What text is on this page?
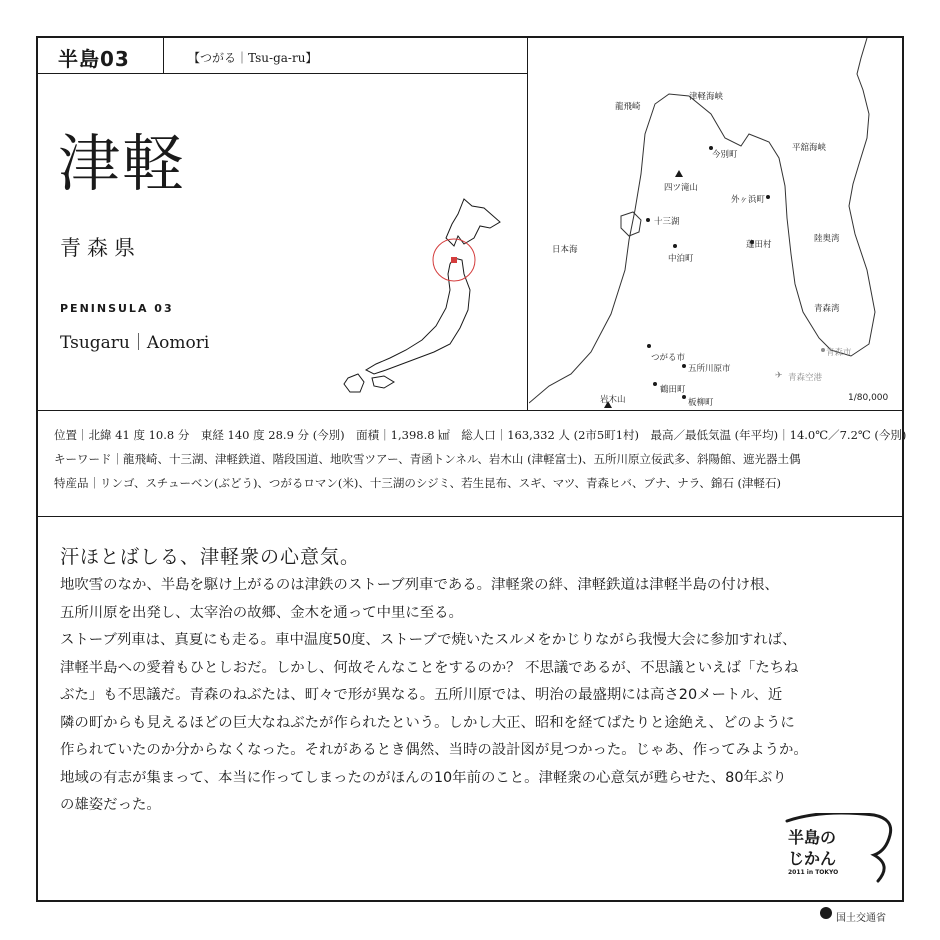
半島03	【つがる｜Tsu-ga-ru】
津軽
青森県
PENINSULA 03
Tsugaru｜Aomori
✈
龍飛崎
津軽海峡
今別町
平舘海峡
四ツ滝山
外ヶ浜町
十三湖
日本海
中泊町
蓬田村
陸奥湾
青森湾
青森市
つがる市
五所川原市
青森空港
鶴田町
岩木山	板柳町	1/80,000
位置｜北緯 41 度 10.8 分　東経 140 度 28.9 分 (今別)　面積｜1,398.8 ㎢　総人口｜163,332 人 (2市5町1村)　最高／最低気温 (年平均)｜14.0℃／7.2℃ (今別)
キーワード｜龍飛崎、十三湖、津軽鉄道、階段国道、地吹雪ツアー、青函トンネル、岩木山 (津軽富士)、五所川原立佞武多、斜陽館、遮光器土偶
特産品｜リンゴ、スチューベン(ぶどう)、つがるロマン(米)、十三湖のシジミ、若生昆布、スギ、マツ、青森ヒバ、ブナ、ナラ、錦石 (津軽石)
汗ほとばしる、津軽衆の心意気。

地吹雪のなか、半島を駆け上がるのは津鉄のストーブ列車である。津軽衆の絆、津軽鉄道は津軽半島の付け根、
五所川原を出発し、太宰治の故郷、金木を通って中里に至る。
ストーブ列車は、真夏にも走る。車中温度50度、ストーブで焼いたスルメをかじりながら我慢大会に参加すれば、
津軽半島への愛着もひとしおだ。しかし、何故そんなことをするのか？ 不思議であるが、不思議といえば「たちね
ぶた」も不思議だ。青森のねぶたは、町々で形が異なる。五所川原では、明治の最盛期には高さ20メートル、近
隣の町からも見えるほどの巨大なねぶたが作られたという。しかし大正、昭和を経てぱたりと途絶え、どのように
作られていたのか分からなくなった。それがあるとき偶然、当時の設計図が見つかった。じゃあ、作ってみようか。
地域の有志が集まって、本当に作ってしまったのがほんの10年前のこと。津軽衆の心意気が甦らせた、80年ぶり
の雄姿だった。

半島の
じかん
2011 in TOKYO
国土交通省
